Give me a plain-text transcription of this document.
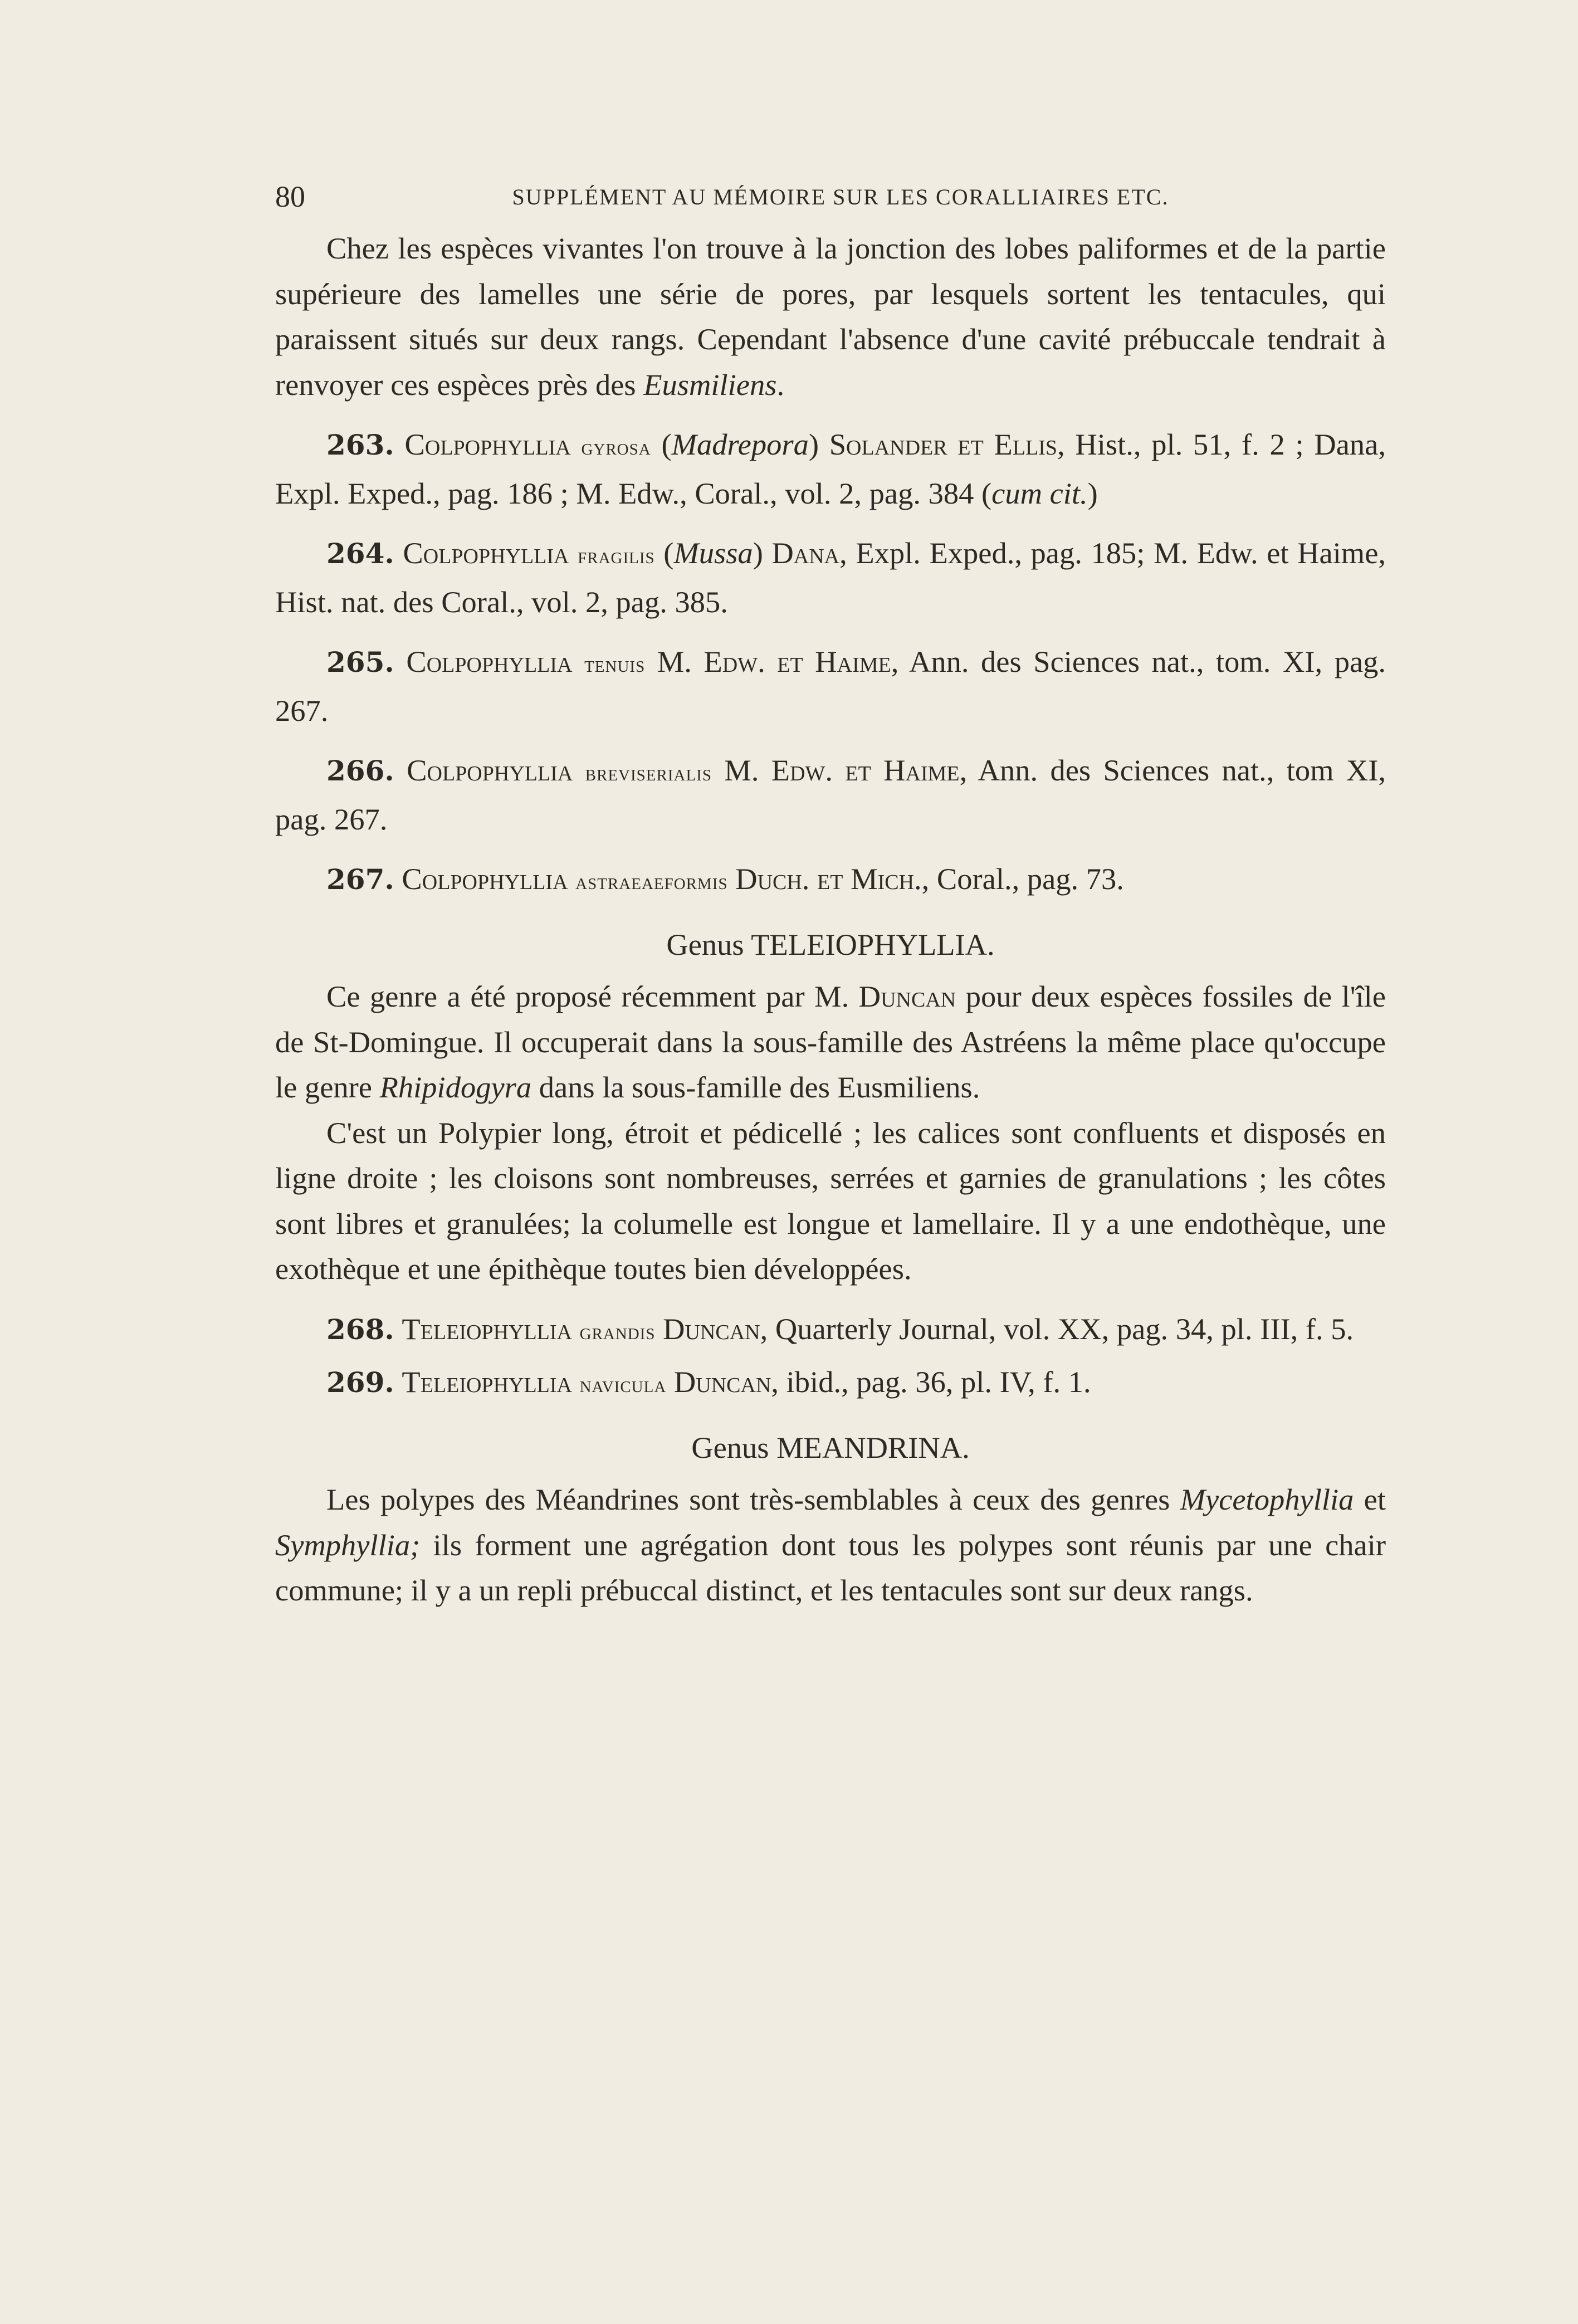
80	SUPPLÉMENT AU MÉMOIRE SUR LES CORALLIAIRES ETC.

Chez les espèces vivantes l'on trouve à la jonction des lobes paliformes et de la partie supérieure des lamelles une série de pores, par lesquels sortent les tentacules, qui paraissent situés sur deux rangs. Cependant l'absence d'une cavité prébuccale tendrait à renvoyer ces espèces près des Eusmiliens.

263. Colpophyllia gyrosa (Madrepora) Solander et Ellis, Hist., pl. 51, f. 2 ; Dana, Expl. Exped., pag. 186 ; M. Edw., Coral., vol. 2, pag. 384 (cum cit.)

264. Colpophyllia fragilis (Mussa) Dana, Expl. Exped., pag. 185; M. Edw. et Haime, Hist. nat. des Coral., vol. 2, pag. 385.

265. Colpophyllia tenuis M. Edw. et Haime, Ann. des Sciences nat., tom. XI, pag. 267.

266. Colpophyllia breviserialis M. Edw. et Haime, Ann. des Sciences nat., tom XI, pag. 267.

267. Colpophyllia astraeaeformis Duch. et Mich., Coral., pag. 73.

Genus TELEIOPHYLLIA.

Ce genre a été proposé récemment par M. Duncan pour deux espèces fossiles de l'île de St-Domingue. Il occuperait dans la sous-famille des Astréens la même place qu'occupe le genre Rhipidogyra dans la sous-famille des Eusmiliens.

C'est un Polypier long, étroit et pédicellé ; les calices sont confluents et disposés en ligne droite ; les cloisons sont nombreuses, serrées et garnies de granulations ; les côtes sont libres et granulées; la columelle est longue et lamellaire. Il y a une endothèque, une exothèque et une épithèque toutes bien développées.

268. Teleiophyllia grandis Duncan, Quarterly Journal, vol. XX, pag. 34, pl. III, f. 5.

269. Teleiophyllia navicula Duncan, ibid., pag. 36, pl. IV, f. 1.

Genus MEANDRINA.

Les polypes des Méandrines sont très-semblables à ceux des genres Mycetophyllia et Symphyllia; ils forment une agrégation dont tous les polypes sont réunis par une chair commune; il y a un repli prébuccal distinct, et les tentacules sont sur deux rangs.
